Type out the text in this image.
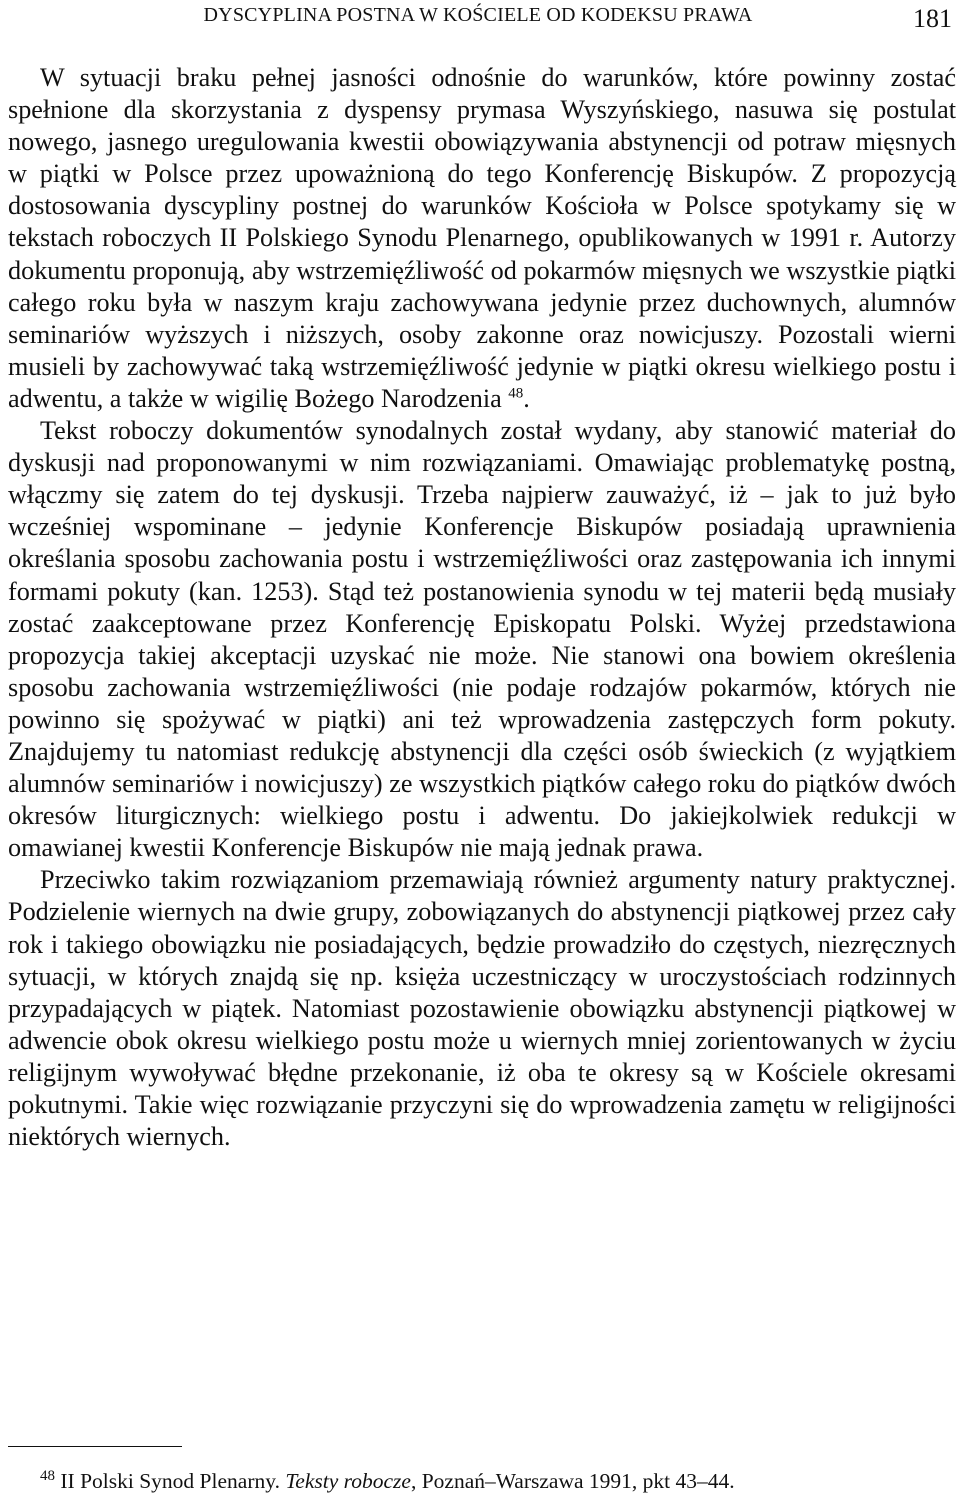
DYSCYPLINA POSTNA W KOŚCIELE OD KODEKSU PRAWA	181

W sytuacji braku pełnej jasności odnośnie do warunków, które powinny zostać spełnione dla skorzystania z dyspensy prymasa Wyszyńskiego, nasuwa się postulat nowego, jasnego uregulowania kwestii obowiązywania abstynencji od potraw mięsnych w piątki w Polsce przez upoważnioną do tego Konferencję Biskupów. Z propozycją dostosowania dyscypliny postnej do warunków Kościoła w Polsce spotykamy się w tekstach roboczych II Polskiego Synodu Plenarnego, opublikowanych w 1991 r. Autorzy dokumentu proponują, aby wstrzemięźliwość od pokarmów mięsnych we wszystkie piątki całego roku była w naszym kraju zachowywana jedynie przez duchownych, alumnów seminariów wyższych i niższych, osoby zakonne oraz nowicjuszy. Pozostali wierni musieli by zachowywać taką wstrzemięźliwość jedynie w piątki okresu wielkiego postu i adwentu, a także w wigilię Bożego Narodzenia $^{48}$.

Tekst roboczy dokumentów synodalnych został wydany, aby stanowić materiał do dyskusji nad proponowanymi w nim rozwiązaniami. Omawiając problematykę postną, włączmy się zatem do tej dyskusji. Trzeba najpierw zauważyć, iż – jak to już było wcześniej wspominane – jedynie Konferencje Biskupów posiadają uprawnienia określania sposobu zachowania postu i wstrzemięźliwości oraz zastępowania ich innymi formami pokuty (kan. 1253). Stąd też postanowienia synodu w tej materii będą musiały zostać zaakceptowane przez Konferencję Episkopatu Polski. Wyżej przedstawiona propozycja takiej akceptacji uzyskać nie może. Nie stanowi ona bowiem określenia sposobu zachowania wstrzemięźliwości (nie podaje rodzajów pokarmów, których nie powinno się spożywać w piątki) ani też wprowadzenia zastępczych form pokuty. Znajdujemy tu natomiast redukcję abstynencji dla części osób świeckich (z wyjątkiem alumnów seminariów i nowicjuszy) ze wszystkich piątków całego roku do piątków dwóch okresów liturgicznych: wielkiego postu i adwentu. Do jakiejkolwiek redukcji w omawianej kwestii Konferencje Biskupów nie mają jednak prawa.

Przeciwko takim rozwiązaniom przemawiają również argumenty natury praktycznej. Podzielenie wiernych na dwie grupy, zobowiązanych do abstynencji piątkowej przez cały rok i takiego obowiązku nie posiadających, będzie prowadziło do częstych, niezręcznych sytuacji, w których znajdą się np. księża uczestniczący w uroczystościach rodzinnych przypadających w piątek. Natomiast pozostawienie obowiązku abstynencji piątkowej w adwencie obok okresu wielkiego postu może u wiernych mniej zorientowanych w życiu religijnym wywoływać błędne przekonanie, iż oba te okresy są w Kościele okresami pokutnymi. Takie więc rozwiązanie przyczyni się do wprowadzenia zamętu w religijności niektórych wiernych.

$^{48}$ II Polski Synod Plenarny. Teksty robocze, Poznań–Warszawa 1991, pkt 43–44.
